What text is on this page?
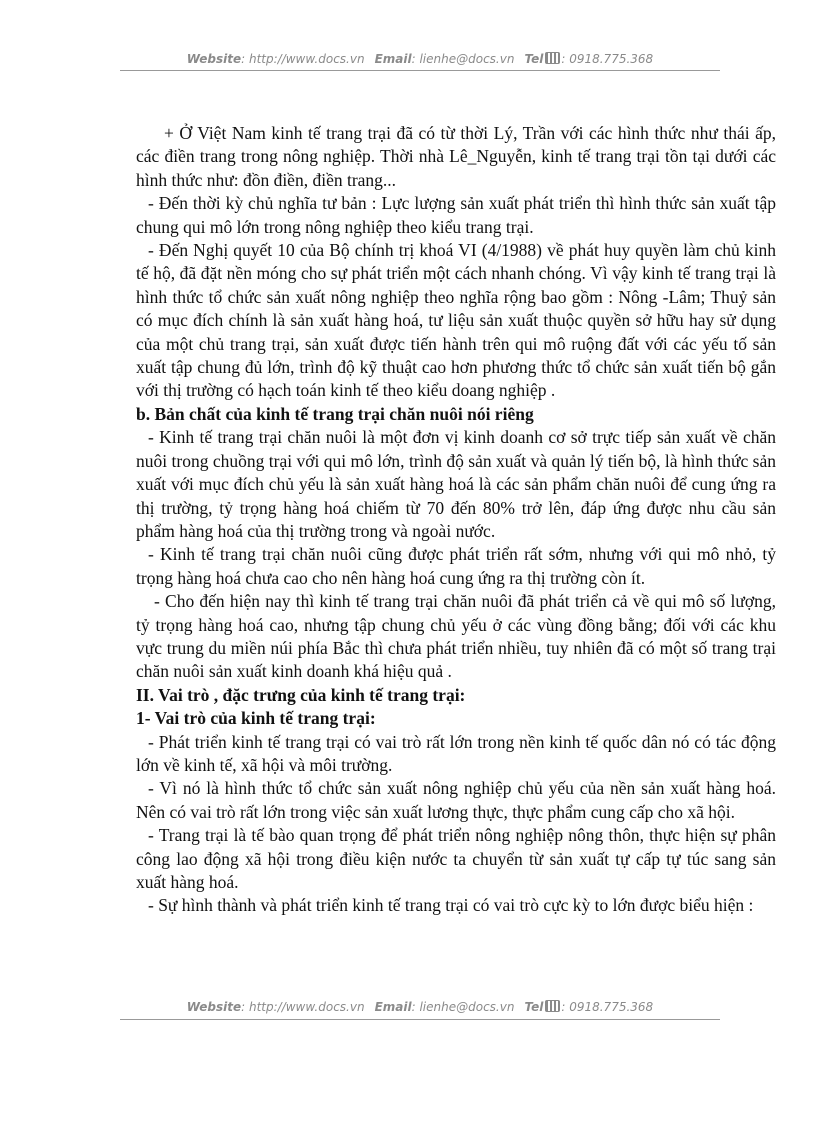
Website: http://www.docs.vn Email: lienhe@docs.vn Tel : 0918.775.368

+ Ở Việt Nam kinh tế trang trại đã có từ thời Lý, Trần với các hình thức như thái ấp, các điền trang trong nông nghiệp. Thời nhà Lê_Nguyễn, kinh tế trang trại tồn tại dưới các hình thức như: đồn điền, điền trang...

- Đến thời kỳ chủ nghĩa tư bản : Lực lượng sản xuất phát triển thì hình thức sản xuất tập chung qui mô lớn trong nông nghiệp theo kiểu trang trại.

- Đến Nghị quyết 10 của Bộ chính trị khoá VI (4/1988) về phát huy quyền làm chủ kinh tế hộ, đã đặt nền móng cho sự phát triển một cách nhanh chóng. Vì vậy kinh tế trang trại là hình thức tổ chức sản xuất nông nghiệp theo nghĩa rộng bao gồm : Nông -Lâm; Thuỷ sản có mục đích chính là sản xuất hàng hoá, tư liệu sản xuất thuộc quyền sở hữu hay sử dụng của một chủ trang trại, sản xuất được tiến hành trên qui mô ruộng đất với các yếu tố sản xuất tập chung đủ lớn, trình độ kỹ thuật cao hơn phương thức tổ chức sản xuất tiến bộ gắn với thị trường có hạch toán kinh tế theo kiểu doang nghiệp .

b. Bản chất của kinh tế trang trại chăn nuôi nói riêng

- Kinh tế trang trại chăn nuôi là một đơn vị kinh doanh cơ sở trực tiếp sản xuất về chăn nuôi trong chuồng trại với qui mô lớn, trình độ sản xuất và quản lý tiến bộ, là hình thức sản xuất với mục đích chủ yếu là sản xuất hàng hoá là các sản phẩm chăn nuôi để cung ứng ra thị trường, tỷ trọng hàng hoá chiếm từ 70 đến 80% trở lên, đáp ứng được nhu cầu sản phẩm hàng hoá của thị trường trong và ngoài nước.

- Kinh tế trang trại chăn nuôi cũng được phát triển rất sớm, nhưng với qui mô nhỏ, tỷ trọng hàng hoá chưa cao cho nên hàng hoá cung ứng ra thị trường còn ít.

- Cho đến hiện nay thì kinh tế trang trại chăn nuôi đã phát triển cả về qui mô số lượng, tỷ trọng hàng hoá cao, nhưng tập chung chủ yếu ở các vùng đồng bằng; đối với các khu vực trung du miền núi phía Bắc thì chưa phát triển nhiều, tuy nhiên đã có một số trang trại chăn nuôi sản xuất kinh doanh khá hiệu quả .

II. Vai trò , đặc trưng của kinh tế trang trại:

1- Vai trò của kinh tế trang trại:

- Phát triển kinh tế trang trại có vai trò rất lớn trong nền kinh tế quốc dân nó có tác động lớn về kinh tế, xã hội và môi trường.

- Vì nó là hình thức tổ chức sản xuất nông nghiệp chủ yếu của nền sản xuất hàng hoá. Nên có vai trò rất lớn trong việc sản xuất lương thực, thực phẩm cung cấp cho xã hội.

- Trang trại là tế bào quan trọng để phát triển nông nghiệp nông thôn, thực hiện sự phân công lao động xã hội trong điều kiện nước ta chuyển từ sản xuất tự cấp tự túc sang sản xuất hàng hoá.

- Sự hình thành và phát triển kinh tế trang trại có vai trò cực kỳ to lớn được biểu hiện :

Website: http://www.docs.vn Email: lienhe@docs.vn Tel : 0918.775.368
